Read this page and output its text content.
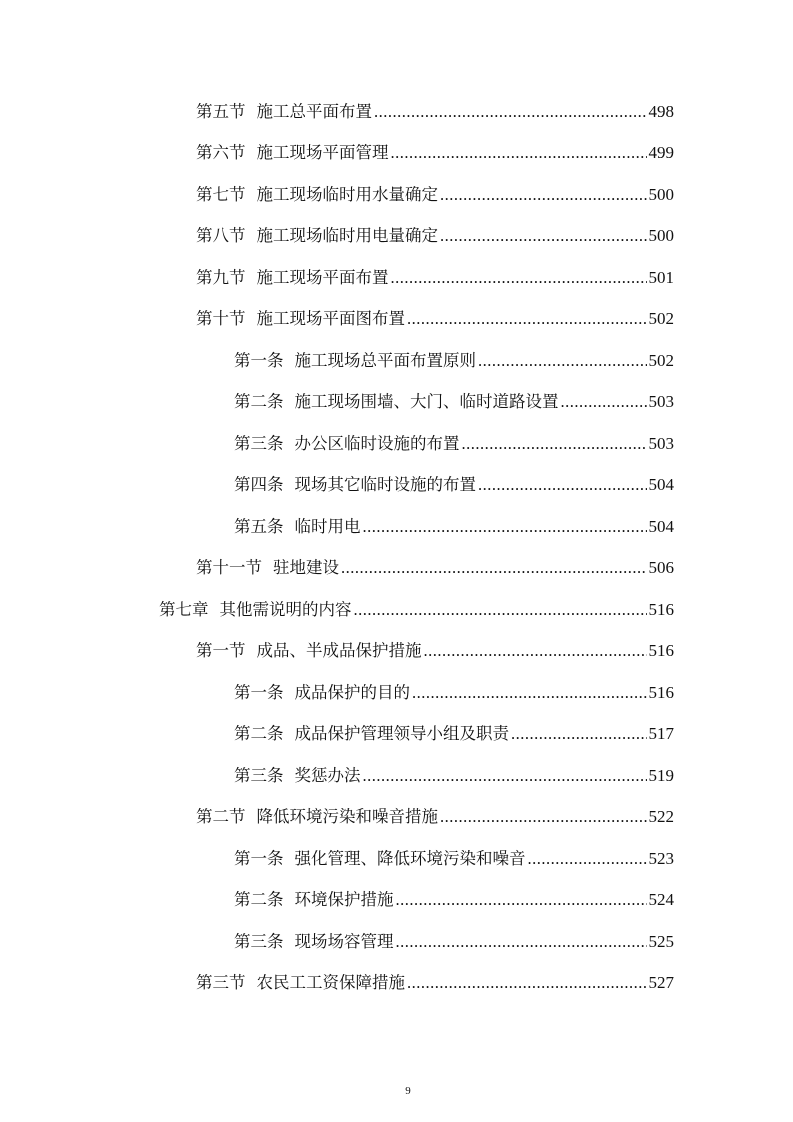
第五节 施工总平面布置 .....	498
第六节 施工现场平面管理 .....	499
第七节 施工现场临时用水量确定 .....	500
第八节 施工现场临时用电量确定 .....	500
第九节 施工现场平面布置 .....	501
第十节 施工现场平面图布置 .....	502
第一条 施工现场总平面布置原则 .....	502
第二条 施工现场围墙、大门、临时道路设置 .....	503
第三条 办公区临时设施的布置 .....	503
第四条 现场其它临时设施的布置 .....	504
第五条 临时用电 .....	504
第十一节 驻地建设 .....	506
第七章 其他需说明的内容 .....	516
第一节 成品、半成品保护措施 .....	516
第一条 成品保护的目的 .....	516
第二条 成品保护管理领导小组及职责 .....	517
第三条 奖惩办法 .....	519
第二节 降低环境污染和噪音措施 .....	522
第一条 强化管理、降低环境污染和噪音 .....	523
第二条 环境保护措施 .....	524
第三条 现场场容管理 .....	525
第三节 农民工工资保障措施 .....	527
9
